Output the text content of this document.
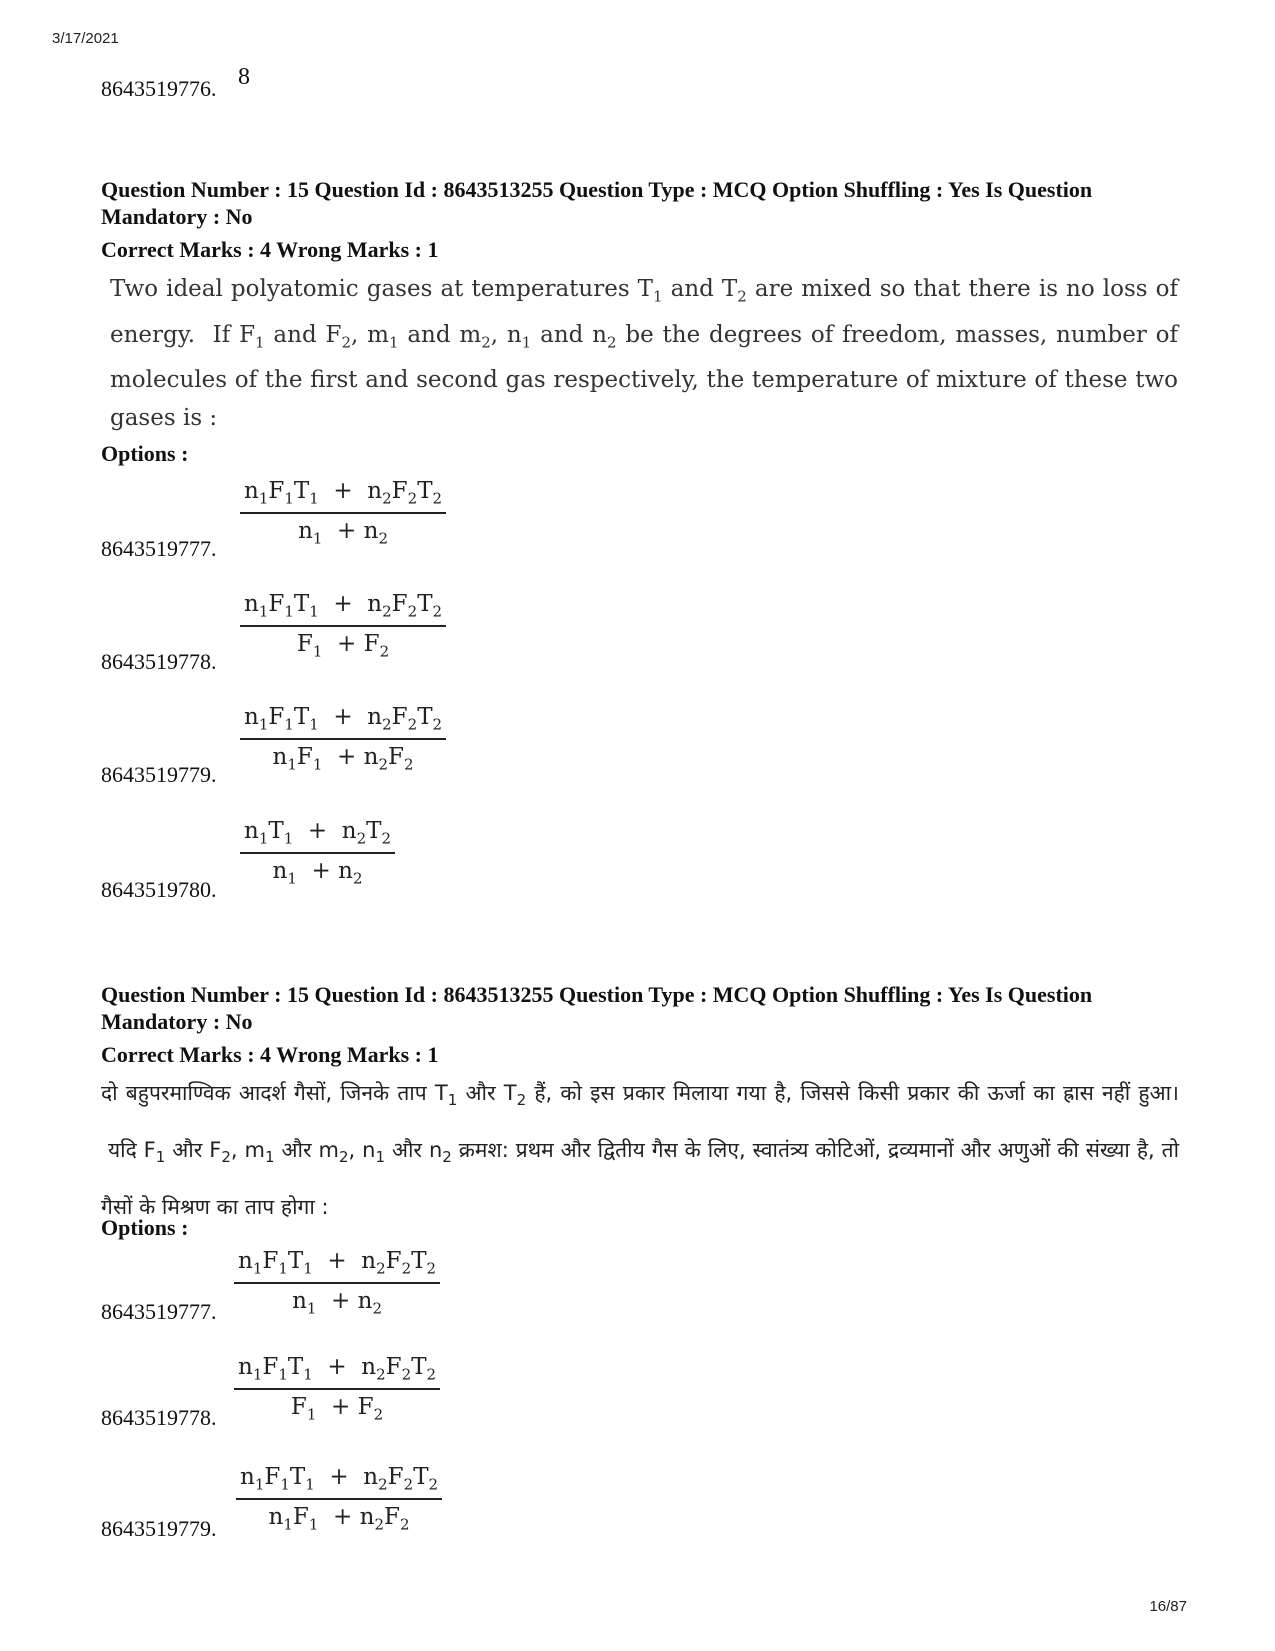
3/17/2021
16/87
8643519776. 8
Question Number : 15 Question Id : 8643513255 Question Type : MCQ Option Shuffling : Yes Is Question Mandatory : No
Correct Marks : 4 Wrong Marks : 1
Two ideal polyatomic gases at temperatures $T_1$ and $T_2$ are mixed so that there is no loss of energy.  If $F_1$ and $F_2$, $m_1$ and $m_2$, $n_1$ and $n_2$ be the degrees of freedom, masses, number of molecules of the first and second gas respectively, the temperature of mixture of these two gases is :
Options :
8643519777.
$\frac{n_1F_1T_1 + n_2F_2T_2}{n_1 + n_2}$
8643519778.
$\frac{n_1F_1T_1 + n_2F_2T_2}{F_1 + F_2}$
8643519779.
$\frac{n_1F_1T_1 + n_2F_2T_2}{n_1F_1 + n_2F_2}$
8643519780.
$\frac{n_1T_1 + n_2T_2}{n_1 + n_2}$
Question Number : 15 Question Id : 8643513255 Question Type : MCQ Option Shuffling : Yes Is Question Mandatory : No
Correct Marks : 4 Wrong Marks : 1
दो बहुपरमाण्विक आदर्श गैसों, जिनके ताप $T_1$ और $T_2$ हैं, को इस प्रकार मिलाया गया है, जिससे किसी प्रकार की ऊर्जा का ह्रास नहीं हुआ।  यदि $F_1$ और $F_2$, $m_1$ और $m_2$, $n_1$ और $n_2$ क्रमश: प्रथम और द्वितीय गैस के लिए, स्वातंत्र्य कोटिओं, द्रव्यमानों और अणुओं की संख्या है, तो गैसों के मिश्रण का ताप होगा :
Options :
8643519777. $\frac{n_1F_1T_1 + n_2F_2T_2}{n_1 + n_2}$
8643519778. $\frac{n_1F_1T_1 + n_2F_2T_2}{F_1 + F_2}$
8643519779. $\frac{n_1F_1T_1 + n_2F_2T_2}{n_1F_1 + n_2F_2}$
